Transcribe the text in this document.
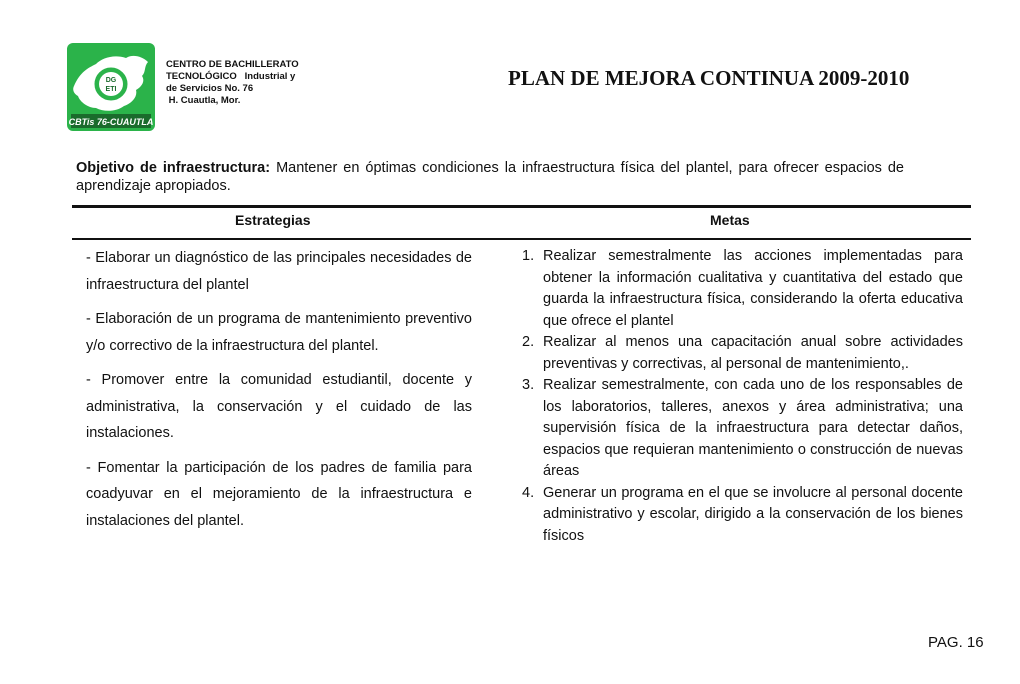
DG
ETI
CBTis 76-CUAUTLA
CENTRO DE BACHILLERATO
TECNOLÓGICO   Industrial y
de Servicios No. 76
H. Cuautla, Mor.
PLAN DE MEJORA CONTINUA 2009-2010
Objetivo de infraestructura: Mantener en óptimas condiciones la infraestructura física del plantel, para ofrecer espacios de aprendizaje apropiados.
Estrategias	Metas

- Elaborar un diagnóstico de las principales necesidades de infraestructura del plantel

- Elaboración de un programa de mantenimiento preventivo y/o correctivo de la infraestructura del plantel.

- Promover entre la comunidad estudiantil, docente y administrativa, la conservación y el cuidado de las instalaciones.

- Fomentar la participación de los padres de familia para coadyuvar en el mejoramiento de la infraestructura e instalaciones del plantel.

1. Realizar semestralmente las acciones implementadas para obtener la información cualitativa y cuantitativa del estado que guarda la infraestructura física, considerando la oferta educativa que ofrece el plantel
2. Realizar al menos una capacitación anual sobre actividades preventivas y correctivas, al personal de mantenimiento,.
3. Realizar semestralmente, con cada uno de los responsables de los laboratorios, talleres, anexos y área administrativa; una supervisión física de la infraestructura para detectar daños, espacios que requieran mantenimiento o construcción de nuevas áreas
4. Generar un programa en el que se involucre al personal docente administrativo y escolar, dirigido a la conservación de los bienes físicos
PAG. 16
